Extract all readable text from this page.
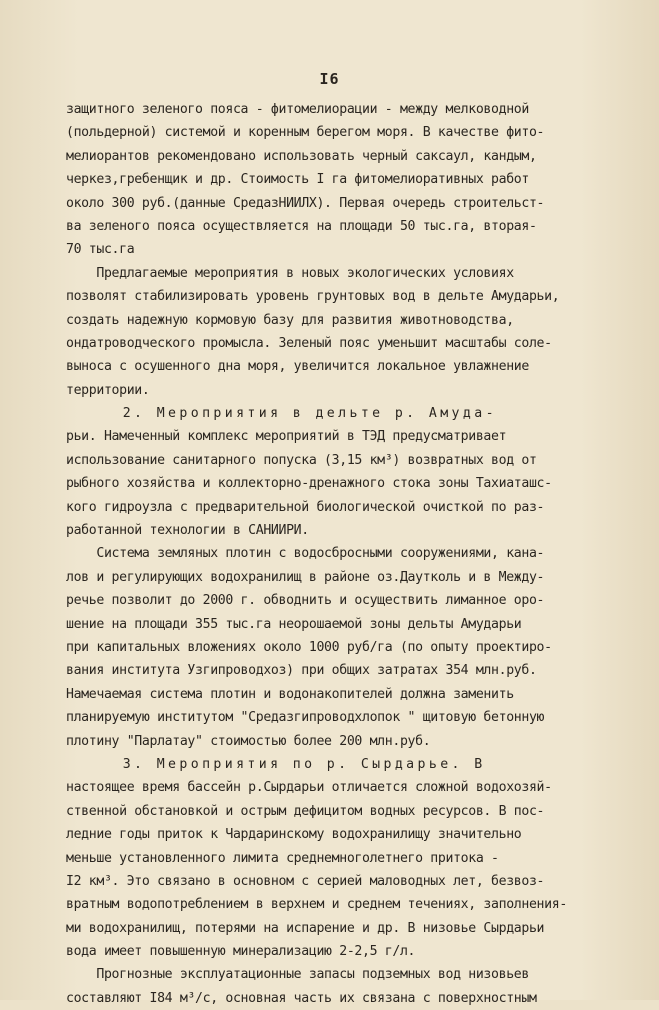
I6
защитного зеленого пояса - фитомелиорации - между мелководной
(польдерной) системой и коренным берегом моря. В качестве фито-
мелиорантов рекомендовано использовать черный саксаул, кандым,
черкез,гребенщик и др. Стоимость I га фитомелиоративных работ
около 300 руб.(данные СредазНИИЛХ). Первая очередь строительст-
ва зеленого пояса осуществляется на площади 50 тыс.га, вторая-
70 тыс.га
Предлагаемые мероприятия в новых экологических условиях
позволят стабилизировать уровень грунтовых вод в дельте Амударьи,
создать надежную кормовую базу для развития животноводства,
ондатроводческого промысла. Зеленый пояс уменьшит масштабы соле-
выноса с осушенного дна моря, увеличится локальное увлажнение
территории.
2. Мероприятия в дельте р. Амуда-
рьи. Намеченный комплекс мероприятий в ТЭД предусматривает
использование санитарного попуска (3,15 км³) возвратных вод от
рыбного хозяйства и коллекторно-дренажного стока зоны Тахиаташс-
кого гидроузла с предварительной биологической очисткой по раз-
работанной технологии в САНИИРИ.
Система земляных плотин с водосбросными сооружениями, кана-
лов и регулирующих водохранилищ в районе оз.Даутколь и в Между-
речье позволит до 2000 г. обводнить и осуществить лиманное оро-
шение на площади 355 тыс.га неорошаемой зоны дельты Амударьи
при капитальных вложениях около 1000 руб/га (по опыту проектиро-
вания института Узгипроводхоз) при общих затратах 354 млн.руб.
Намечаемая система плотин и водонакопителей должна заменить
планируемую институтом "Средазгипроводхлопок " щитовую бетонную
плотину "Парлатау" стоимостью более 200 млн.руб.
3. Мероприятия по р. Сырдарье. В
настоящее время бассейн р.Сырдарьи отличается сложной водохозяй-
ственной обстановкой и острым дефицитом водных ресурсов. В пос-
ледние годы приток к Чардаринскому водохранилищу значительно
меньше установленного лимита среднемноголетнего притока -
I2 км³. Это связано в основном с серией маловодных лет, безвоз-
вратным водопотреблением в верхнем и среднем течениях, заполнения-
ми водохранилищ, потерями на испарение и др. В низовье Сырдарьи
вода имеет повышенную минерализацию 2-2,5 г/л.
Прогнозные эксплуатационные запасы подземных вод низовьев
составляют I84 м³/с, основная часть их связана с поверхностным
